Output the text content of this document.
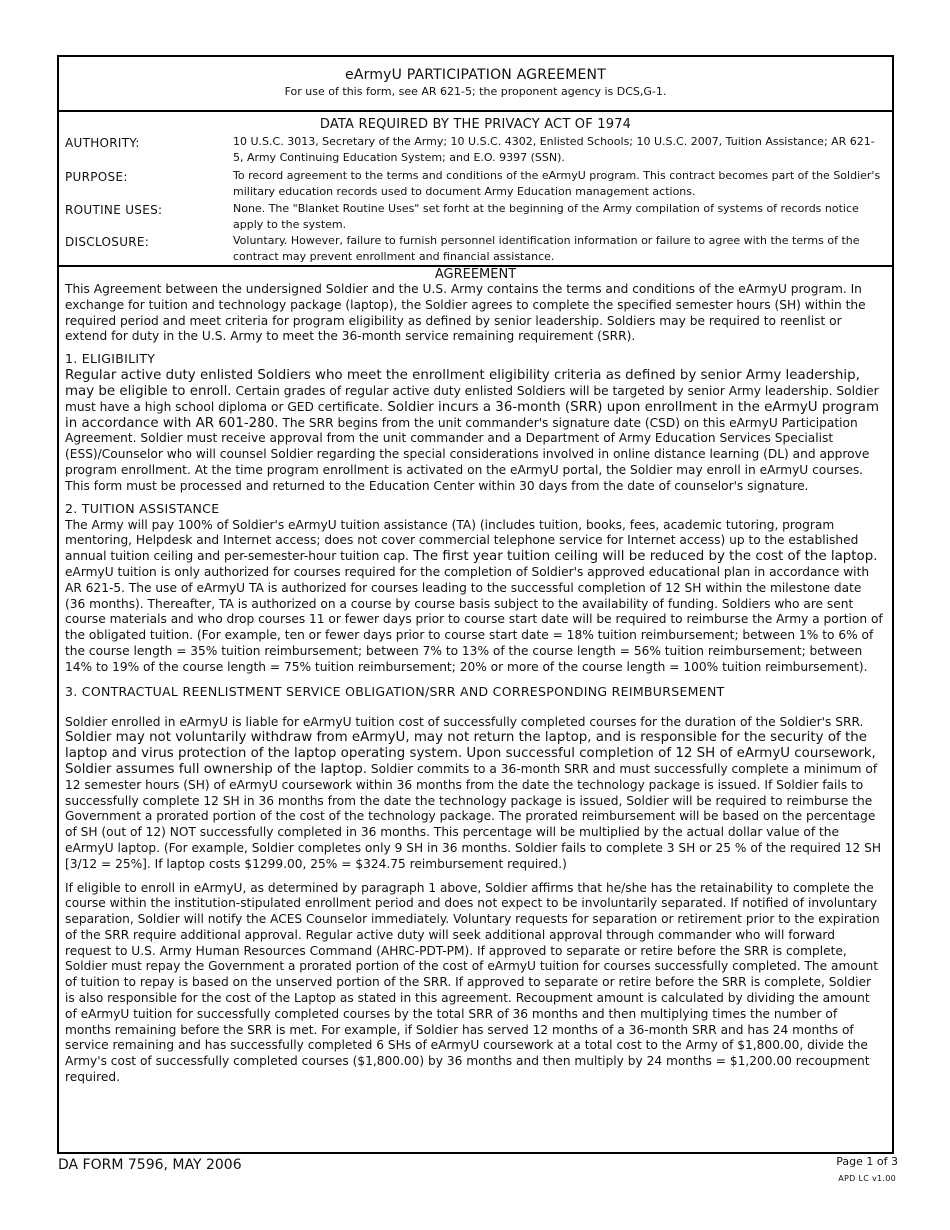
eArmyU PARTICIPATION AGREEMENT
For use of this form, see AR 621-5; the proponent agency is DCS,G-1.
DATA REQUIRED BY THE PRIVACY ACT OF 1974
AUTHORITY:	10 U.S.C. 3013, Secretary of the Army; 10 U.S.C. 4302, Enlisted Schools; 10 U.S.C. 2007, Tuition Assistance; AR 621-5, Army Continuing Education System; and E.O. 9397 (SSN).
PURPOSE:	To record agreement to the terms and conditions of the eArmyU program. This contract becomes part of the Soldier's military education records used to document Army Education management actions.
ROUTINE USES:	None. The "Blanket Routine Uses" set forht at the beginning of the Army compilation of systems of records notice apply to the system.
DISCLOSURE:	Voluntary. However, failure to furnish personnel identification information or failure to agree with the terms of the contract may prevent enrollment and financial assistance.
AGREEMENT

This Agreement between the undersigned Soldier and the U.S. Army contains the terms and conditions of the eArmyU program. In exchange for tuition and technology package (laptop), the Soldier agrees to complete the specified semester hours (SH) within the required period and meet criteria for program eligibility as defined by senior leadership. Soldiers may be required to reenlist or extend for duty in the U.S. Army to meet the 36-month service remaining requirement (SRR).

1. ELIGIBILITY

Regular active duty enlisted Soldiers who meet the enrollment eligibility criteria as defined by senior Army leadership, may be eligible to enroll. Certain grades of regular active duty enlisted Soldiers will be targeted by senior Army leadership. Soldier must have a high school diploma or GED certificate. Soldier incurs a 36-month (SRR) upon enrollment in the eArmyU program in accordance with AR 601-280. The SRR begins from the unit commander's signature date (CSD) on this eArmyU Participation Agreement. Soldier must receive approval from the unit commander and a Department of Army Education Services Specialist (ESS)/Counselor who will counsel Soldier regarding the special considerations involved in online distance learning (DL) and approve program enrollment. At the time program enrollment is activated on the eArmyU portal, the Soldier may enroll in eArmyU courses. This form must be processed and returned to the Education Center within 30 days from the date of counselor's signature.

2. TUITION ASSISTANCE

The Army will pay 100% of Soldier's eArmyU tuition assistance (TA) (includes tuition, books, fees, academic tutoring, program mentoring, Helpdesk and Internet access; does not cover commercial telephone service for Internet access) up to the established annual tuition ceiling and per-semester-hour tuition cap. The first year tuition ceiling will be reduced by the cost of the laptop. eArmyU tuition is only authorized for courses required for the completion of Soldier's approved educational plan in accordance with AR 621-5. The use of eArmyU TA is authorized for courses leading to the successful completion of 12 SH within the milestone date (36 months). Thereafter, TA is authorized on a course by course basis subject to the availability of funding. Soldiers who are sent course materials and who drop courses 11 or fewer days prior to course start date will be required to reimburse the Army a portion of the obligated tuition. (For example, ten or fewer days prior to course start date = 18% tuition reimbursement; between 1% to 6% of the course length = 35% tuition reimbursement; between 7% to 13% of the course length = 56% tuition reimbursement; between 14% to 19% of the course length = 75% tuition reimbursement; 20% or more of the course length = 100% tuition reimbursement).

3. CONTRACTUAL REENLISTMENT SERVICE OBLIGATION/SRR AND CORRESPONDING REIMBURSEMENT

Soldier enrolled in eArmyU is liable for eArmyU tuition cost of successfully completed courses for the duration of the Soldier's SRR. Soldier may not voluntarily withdraw from eArmyU, may not return the laptop, and is responsible for the security of the laptop and virus protection of the laptop operating system. Upon successful completion of 12 SH of eArmyU coursework, Soldier assumes full ownership of the laptop. Soldier commits to a 36-month SRR and must successfully complete a minimum of 12 semester hours (SH) of eArmyU coursework within 36 months from the date the technology package is issued. If Soldier fails to successfully complete 12 SH in 36 months from the date the technology package is issued, Soldier will be required to reimburse the Government a prorated portion of the cost of the technology package. The prorated reimbursement will be based on the percentage of SH (out of 12) NOT successfully completed in 36 months. This percentage will be multiplied by the actual dollar value of the eArmyU laptop. (For example, Soldier completes only 9 SH in 36 months. Soldier fails to complete 3 SH or 25 % of the required 12 SH [3/12 = 25%]. If laptop costs $1299.00, 25% = $324.75 reimbursement required.)

If eligible to enroll in eArmyU, as determined by paragraph 1 above, Soldier affirms that he/she has the retainability to complete the course within the institution-stipulated enrollment period and does not expect to be involuntarily separated. If notified of involuntary separation, Soldier will notify the ACES Counselor immediately. Voluntary requests for separation or retirement prior to the expiration of the SRR require additional approval. Regular active duty will seek additional approval through commander who will forward request to U.S. Army Human Resources Command (AHRC-PDT-PM). If approved to separate or retire before the SRR is complete, Soldier must repay the Government a prorated portion of the cost of eArmyU tuition for courses successfully completed. The amount of tuition to repay is based on the unserved portion of the SRR. If approved to separate or retire before the SRR is complete, Soldier is also responsible for the cost of the Laptop as stated in this agreement. Recoupment amount is calculated by dividing the amount of eArmyU tuition for successfully completed courses by the total SRR of 36 months and then multiplying times the number of months remaining before the SRR is met. For example, if Soldier has served 12 months of a 36-month SRR and has 24 months of service remaining and has successfully completed 6 SHs of eArmyU coursework at a total cost to the Army of $1,800.00, divide the Army's cost of successfully completed courses ($1,800.00) by 36 months and then multiply by 24 months = $1,200.00 recoupment required.

DA FORM 7596, MAY 2006	Page 1 of 3
APD LC v1.00
